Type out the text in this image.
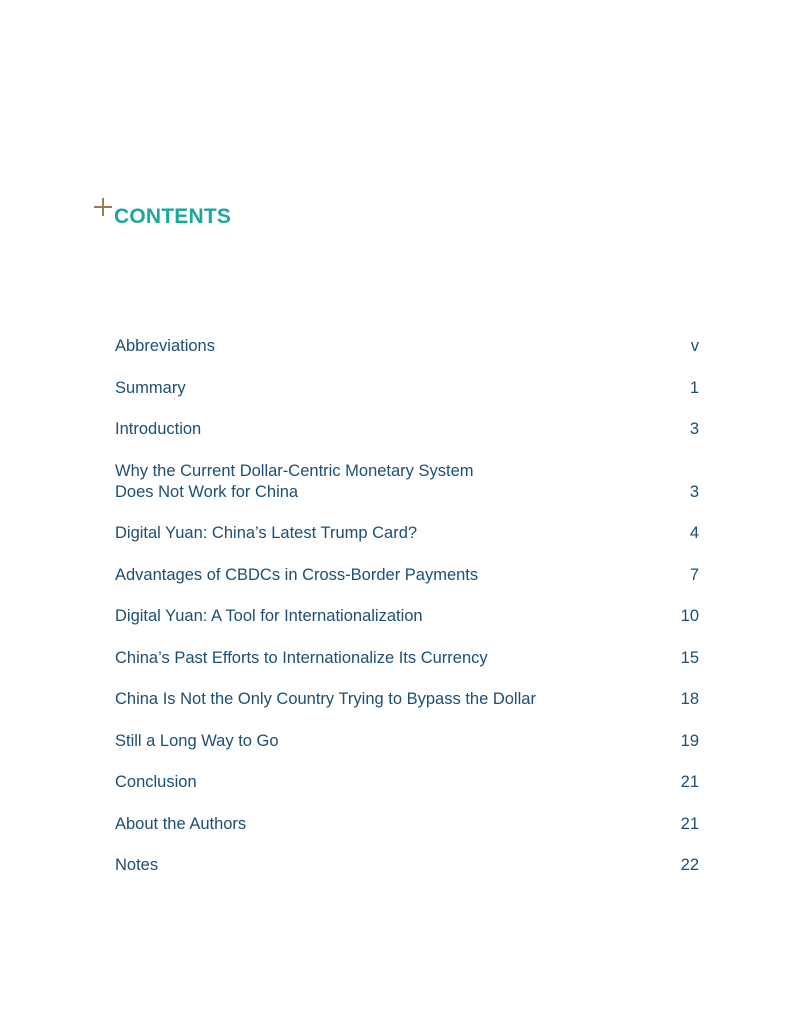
CONTENTS
Abbreviations	v
Summary	1
Introduction	3
Why the Current Dollar-Centric Monetary System
Does Not Work for China	3
Digital Yuan: China’s Latest Trump Card?	4
Advantages of CBDCs in Cross-Border Payments	7
Digital Yuan: A Tool for Internationalization	10
China’s Past Efforts to Internationalize Its Currency	15
China Is Not the Only Country Trying to Bypass the Dollar	18
Still a Long Way to Go	19
Conclusion	21
About the Authors	21
Notes	22
